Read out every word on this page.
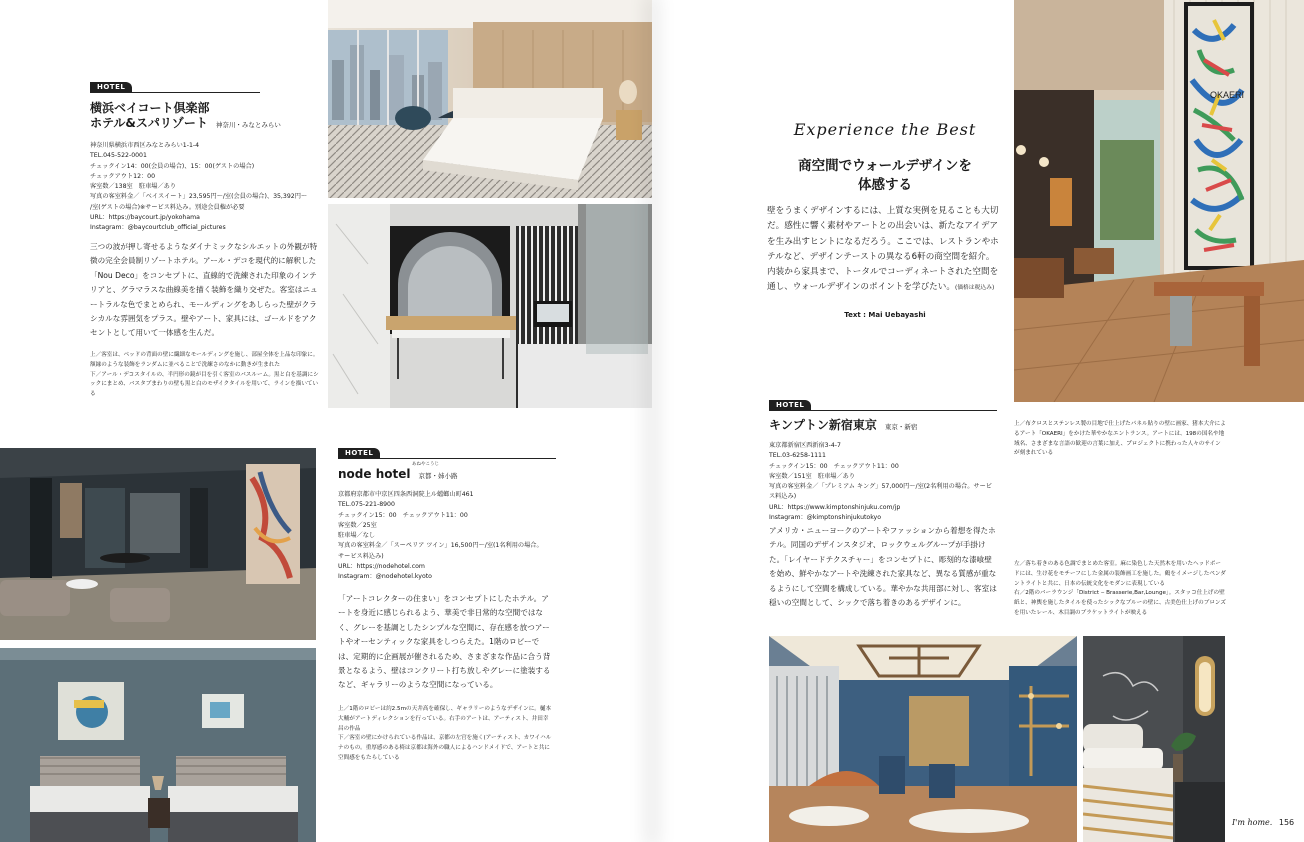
HOTEL
横浜ベイコート倶楽部
ホテル&スパリゾート 神奈川・みなとみらい
神奈川県横浜市西区みなとみらい1-1-4
TEL.045-522-0001
チェックイン14：00(会員の場合)、15：00(ゲストの場合)
チェックアウト12：00
客室数／138室　駐車場／あり
写真の客室料金／「ベイスイート」23,595円～/室(会員の場合)、35,392円～
/室(ゲストの場合)※サービス料込み。別途会員権が必要
URL：https://baycourt.jp/yokohama
Instagram：@baycourtclub_official_pictures
三つの波が押し寄せるようなダイナミックなシルエットの外観が特徴の完全会員制リゾートホテル。アール・デコを現代的に解釈した「Nou Deco」をコンセプトに、直線的で洗練された印象のインテリアと、グラマラスな曲線美を描く装飾を織り交ぜた。客室はニュートラルな色でまとめられ、モールディングをあしらった壁がクラシカルな雰囲気をプラス。壁やアート、家具には、ゴールドをアクセントとして用いて一体感を生んだ。
上／客室は、ベッドの背面の壁に繊細なモールディングを施し、部屋全体を上品な印象に。額縁のような装飾をランダムに並べることで洗練さのなかに動きが生まれた
下／アール・デコスタイルの、半円形の鏡が目を引く客室のバスルーム。黒と白を基調にシックにまとめ、バスタブまわりの壁も黒と白のモザイクタイルを用いて、ラインを描いている
HOTEL
あねやこうじ
node hotel 京都・姉小路
京都府京都市中京区四条西洞院上ル蟷螂山町461
TEL.075-221-8900
チェックイン15：00　チェックアウト11：00
客室数／25室
駐車場／なし
写真の客室料金／「スーペリア ツイン」16,500円～/室(1名利用の場合。
サービス料込み)
URL：https://nodehotel.com
Instagram：@nodehotel.kyoto
「アートコレクターの住まい」をコンセプトにしたホテル。アートを身近に感じられるよう、華美で非日常的な空間ではなく、グレーを基調としたシンプルな空間に、存在感を放つアートやオーセンティックな家具をしつらえた。1階のロビーでは、定期的に企画展が催されるため、さまざまな作品に合う背景となるよう、壁はコンクリート打ち放しやグレーに塗装するなど、ギャラリーのような空間になっている。
上／1階のロビーは約2.5mの天井高を確保し、ギャラリーのようなデザインに。樋本大輔がアートディレクションを行っている。右手のアートは、アーティスト、井田幸昌の作品
下／客室の壁にかけられている作品は、京都の左官を施く(アーティスト、カワイハルナのもの。重厚感のある椅は京都は海外の職人によるハンドメイドで、アートと共に空間感をもたらしている
OKAERI
Experience the Best
商空間でウォールデザインを
体感する
壁をうまくデザインするには、上質な実例を見ることも大切だ。感性に響く素材やアートとの出会いは、新たなアイデアを生み出すヒントになるだろう。ここでは、レストランやホテルなど、デザインテーストの異なる6軒の商空間を紹介。内装から家具まで、トータルでコーディネートされた空間を通し、ウォールデザインのポイントを学びたい。(価格は税込み)
Text : Mai Uebayashi
HOTEL
キンプトン新宿東京 東京・新宿
東京都新宿区西新宿3-4-7
TEL.03-6258-1111
チェックイン15：00　チェックアウト11：00
客室数／151室　駐車場／あり
写真の客室料金／「プレミアム キング」57,000円～/室(2名利用の場合。サービ
ス料込み)
URL：https://www.kimptonshinjuku.com/jp
Instagram：@kimptonshinjukutokyo
アメリカ・ニューヨークのアートやファッションから着想を得たホテル。同国のデザインスタジオ、ロックウェルグループが手掛けた。「レイヤードテクスチャー」をコンセプトに、彫刻的な漆喰壁を始め、鮮やかなアートや洗練された家具など、異なる質感が重なるようにして空間を構成している。華やかな共用部に対し、客室は穏いの空間として、シックで落ち着きのあるデザインに。
上／布クロスとステンレス製の目地で仕上げたパネル貼りの壁に画家、猪本大介によるアート「OKAERI」をかけた華やかなエントランス。アートには、198の国名や地域名、さまざまな言語の歓迎の言葉に加え、プロジェクトに携わった人々のサインが刻まれている
左／落ち着きのある色調でまとめた客室。麻に染色した天然木を用いたヘッドボードには、生け花をモチーフにした金属の装飾画工を施した。鶴をイメージしたペンダントライトと共に、日本の伝統文化をモダンに表現している
右／2階のバーラウンジ「District ‒ Brasserie,Bar,Lounge」。スタッコ仕上げの壁紙と、神輿を施したタイルを使ったシックなブルーの壁に、古美色仕上げのブロンズを用いたレール、木目調のブラケットライトが映える
I'm home. 156
